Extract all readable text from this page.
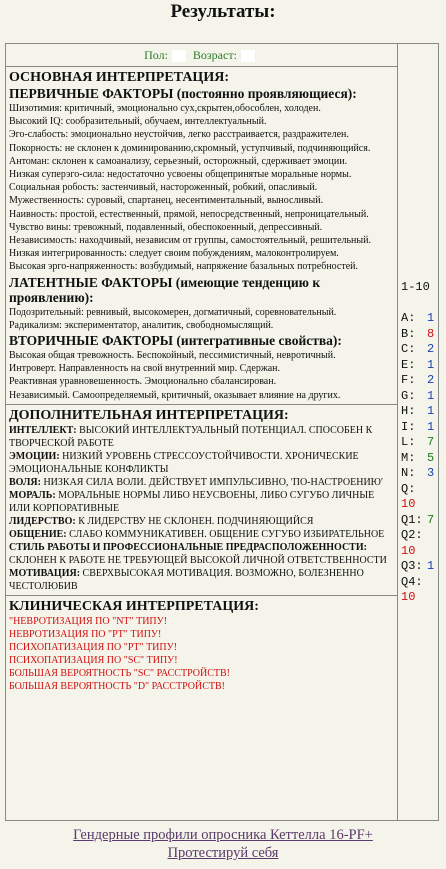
Результаты:
Пол: Возраст:
ОСНОВНАЯ ИНТЕРПРЕТАЦИЯ:
ПЕРВИЧНЫЕ ФАКТОРЫ (постоянно проявляющиеся):
Шизотимия: критичный, эмоционально сух,скрытен,обособлен, холоден.
Высокий IQ: сообразительный, обучаем, интеллектуальный.
Эго-слабость: эмоционально неустойчив, легко расстраивается, раздражителен.
Покорность: не склонен к доминированию,скромный, уступчивый, подчиняющийся.
Антоман: склонен к самоанализу, серьезный, осторожный, сдерживает эмоции.
Низкая суперэго-сила: недостаточно усвоены общепринятые моральные нормы.
Социальная робость: застенчивый, настороженный, робкий, опасливый.
Мужественность: суровый, спартанец, несентиментальный, выносливый.
Наивность: простой, естественный, прямой, непосредственный, непроницательный.
Чувство вины: тревожный, подавленный, обеспокоенный, депрессивный.
Независимость: находчивый, независим от группы, самостоятельный, решительный.
Низкая интегрированность: следует своим побуждениям, малоконтролируем.
Высокая эрго-напряженность: возбудимый, напряжение базальных потребностей.
ЛАТЕНТНЫЕ ФАКТОРЫ (имеющие тенденцию к проявлению):
Подозрительный: ревнивый, высокомерен, догматичный, соревновательный.
Радикализм: экспериментатор, аналитик, свободномыслящий.
ВТОРИЧНЫЕ ФАКТОРЫ (интегративные свойства):
Высокая общая тревожность. Беспокойный, пессимистичный, невротичный.
Интроверт. Направленность на свой внутренний мир. Сдержан.
Реактивная уравновешенность. Эмоционально сбалансирован.
Независимый. Самоопределяемый, критичный, оказывает влияние на других.
ДОПОЛНИТЕЛЬНАЯ ИНТЕРПРЕТАЦИЯ:
ИНТЕЛЛЕКТ: ВЫСОКИЙ ИНТЕЛЛЕКТУАЛЬНЫЙ ПОТЕНЦИАЛ. СПОСОБЕН К ТВОРЧЕСКОЙ РАБОТЕ
ЭМОЦИИ: НИЗКИЙ УРОВЕНЬ СТРЕССОУСТОЙЧИВОСТИ. ХРОНИЧЕСКИЕ ЭМОЦИОНАЛЬНЫЕ КОНФЛИКТЫ
ВОЛЯ: НИЗКАЯ СИЛА ВОЛИ. ДЕЙСТВУЕТ ИМПУЛЬСИВНО, 'ПО-НАСТРОЕНИЮ'
МОРАЛЬ: МОРАЛЬНЫЕ НОРМЫ ЛИБО НЕУСВОЕНЫ, ЛИБО СУГУБО ЛИЧНЫЕ ИЛИ КОРПОРАТИВНЫЕ
ЛИДЕРСТВО: К ЛИДЕРСТВУ НЕ СКЛОНЕН. ПОДЧИНЯЮЩИЙСЯ
ОБЩЕНИЕ: СЛАБО КОММУНИКАТИВЕН. ОБЩЕНИЕ СУГУБО ИЗБИРАТЕЛЬНОЕ
СТИЛЬ РАБОТЫ И ПРОФЕССИОНАЛЬНЫЕ ПРЕДРАСПОЛОЖЕННОСТИ: СКЛОНЕН К РАБОТЕ НЕ ТРЕБУЮЩЕЙ ВЫСОКОЙ ЛИЧНОЙ ОТВЕТСТВЕННОСТИ
МОТИВАЦИЯ: СВЕРХВЫСОКАЯ МОТИВАЦИЯ. ВОЗМОЖНО, БОЛЕЗНЕННО ЧЕСТОЛЮБИВ
КЛИНИЧЕСКАЯ ИНТЕРПРЕТАЦИЯ:
"НЕВРОТИЗАЦИЯ ПО "NT" ТИПУ!
НЕВРОТИЗАЦИЯ ПО "PT" ТИПУ!
ПСИХОПАТИЗАЦИЯ ПО "PT" ТИПУ!
ПСИХОПАТИЗАЦИЯ ПО "SC" ТИПУ!
БОЛЬШАЯ ВЕРОЯТНОСТЬ "SC" РАССТРОЙСТВ!
БОЛЬШАЯ ВЕРОЯТНОСТЬ "D" РАССТРОЙСТВ!
1-10
A: 1
B: 8
C: 2
E: 1
F: 2
G: 1
H: 1
I: 1
L: 7
M: 5
N: 3
Q:10
Q1: 7
Q2:10
Q3: 1
Q4:10
Гендерные профили опросника Кеттелла 16-PF+
Протестируй себя
